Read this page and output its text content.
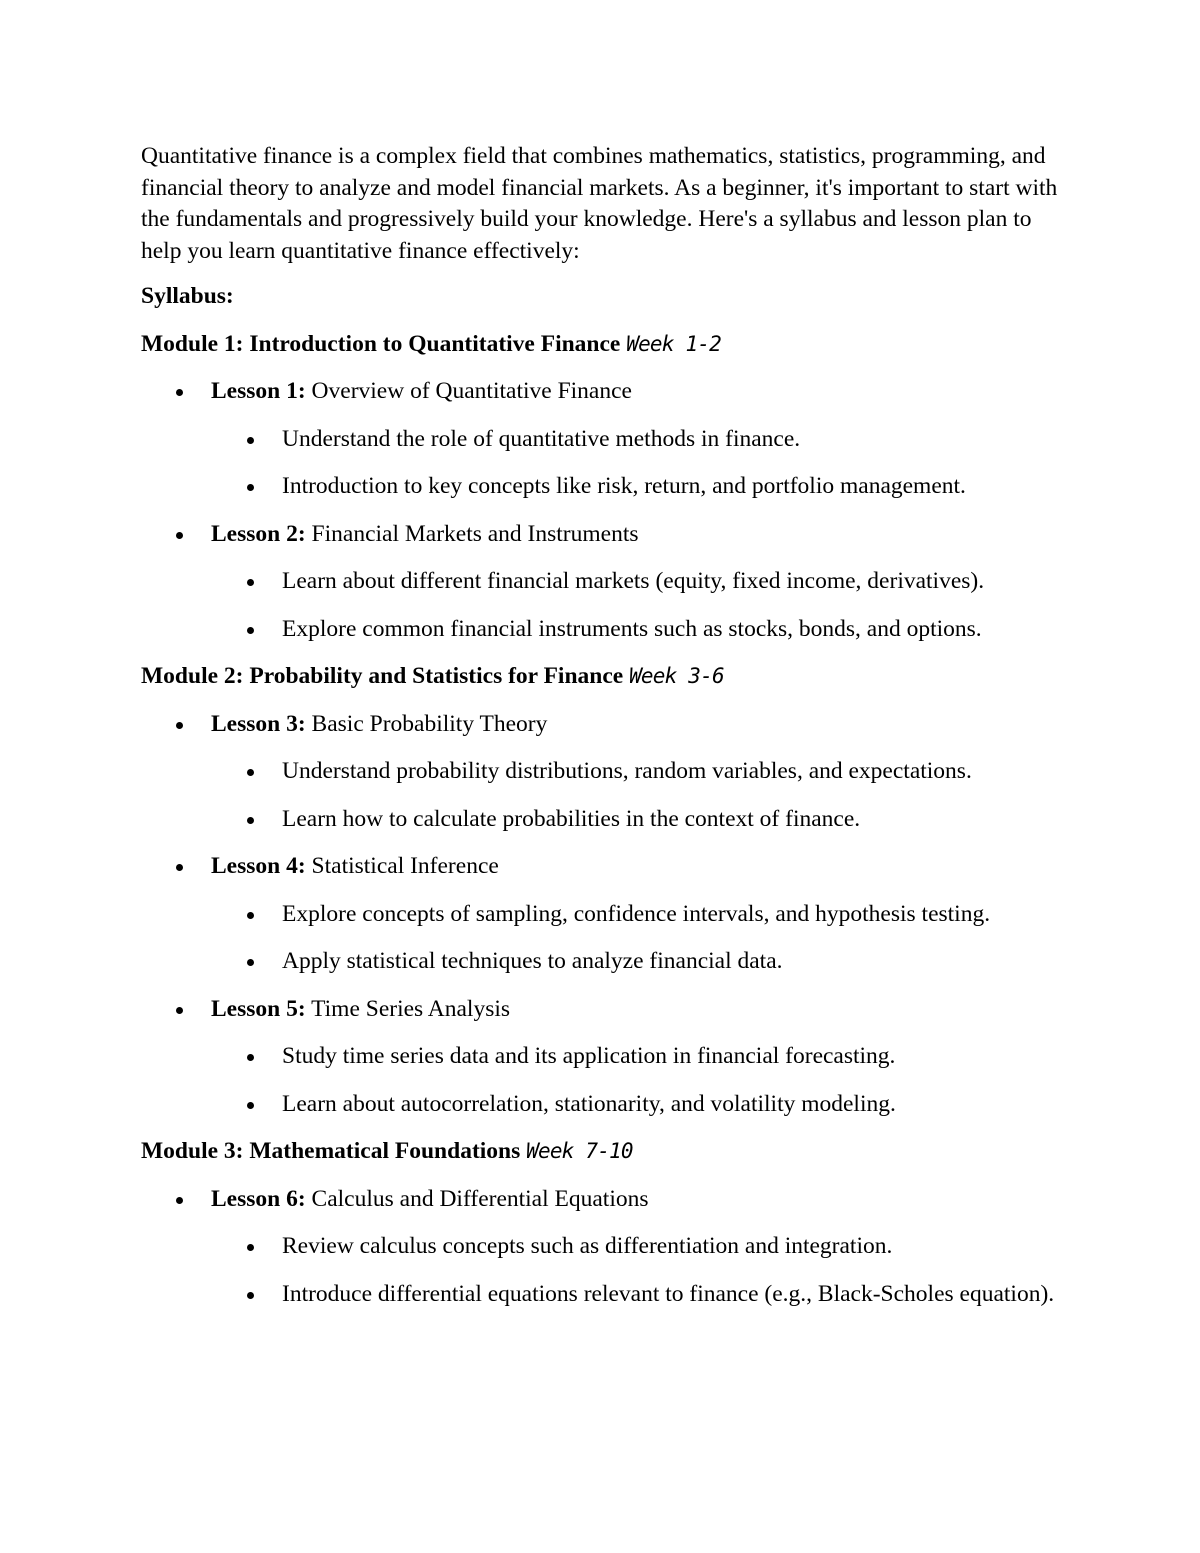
Quantitative finance is a complex field that combines mathematics, statistics, programming, and financial theory to analyze and model financial markets. As a beginner, it's important to start with the fundamentals and progressively build your knowledge. Here's a syllabus and lesson plan to help you learn quantitative finance effectively:

Syllabus:

Module 1: Introduction to Quantitative Finance Week 1-2

Lesson 1: Overview of Quantitative Finance

Understand the role of quantitative methods in finance.
Introduction to key concepts like risk, return, and portfolio management.

Lesson 2: Financial Markets and Instruments

Learn about different financial markets (equity, fixed income, derivatives).
Explore common financial instruments such as stocks, bonds, and options.

Module 2: Probability and Statistics for Finance Week 3-6

Lesson 3: Basic Probability Theory

Understand probability distributions, random variables, and expectations.
Learn how to calculate probabilities in the context of finance.

Lesson 4: Statistical Inference

Explore concepts of sampling, confidence intervals, and hypothesis testing.
Apply statistical techniques to analyze financial data.

Lesson 5: Time Series Analysis

Study time series data and its application in financial forecasting.
Learn about autocorrelation, stationarity, and volatility modeling.

Module 3: Mathematical Foundations Week 7-10

Lesson 6: Calculus and Differential Equations

Review calculus concepts such as differentiation and integration.
Introduce differential equations relevant to finance (e.g., Black-Scholes equation).
